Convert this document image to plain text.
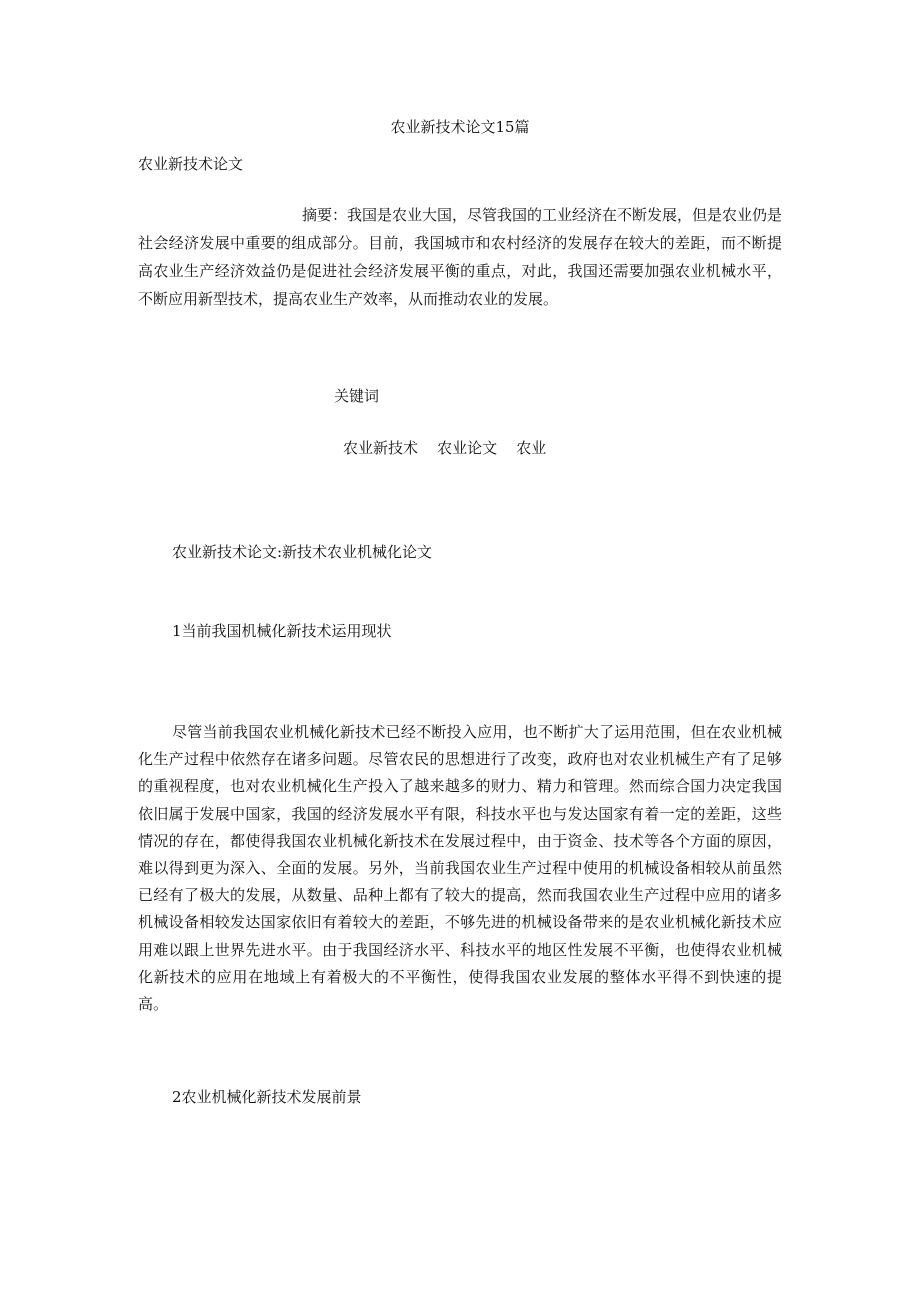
农业新技术论文15篇
农业新技术论文
摘要：我国是农业大国，尽管我国的工业经济在不断发展，但是农业仍是社会经济发展中重要的组成部分。目前，我国城市和农村经济的发展存在较大的差距，而不断提高农业生产经济效益仍是促进社会经济发展平衡的重点，对此，我国还需要加强农业机械水平，不断应用新型技术，提高农业生产效率，从而推动农业的发展。
关键词
农业新技术 农业论文 农业
农业新技术论文:新技术农业机械化论文
1当前我国机械化新技术运用现状
尽管当前我国农业机械化新技术已经不断投入应用，也不断扩大了运用范围，但在农业机械化生产过程中依然存在诸多问题。尽管农民的思想进行了改变，政府也对农业机械生产有了足够的重视程度，也对农业机械化生产投入了越来越多的财力、精力和管理。然而综合国力决定我国依旧属于发展中国家，我国的经济发展水平有限，科技水平也与发达国家有着一定的差距，这些情况的存在，都使得我国农业机械化新技术在发展过程中，由于资金、技术等各个方面的原因，难以得到更为深入、全面的发展。另外，当前我国农业生产过程中使用的机械设备相较从前虽然已经有了极大的发展，从数量、品种上都有了较大的提高，然而我国农业生产过程中应用的诸多机械设备相较发达国家依旧有着较大的差距，不够先进的机械设备带来的是农业机械化新技术应用难以跟上世界先进水平。由于我国经济水平、科技水平的地区性发展不平衡，也使得农业机械化新技术的应用在地域上有着极大的不平衡性，使得我国农业发展的整体水平得不到快速的提高。
2农业机械化新技术发展前景
